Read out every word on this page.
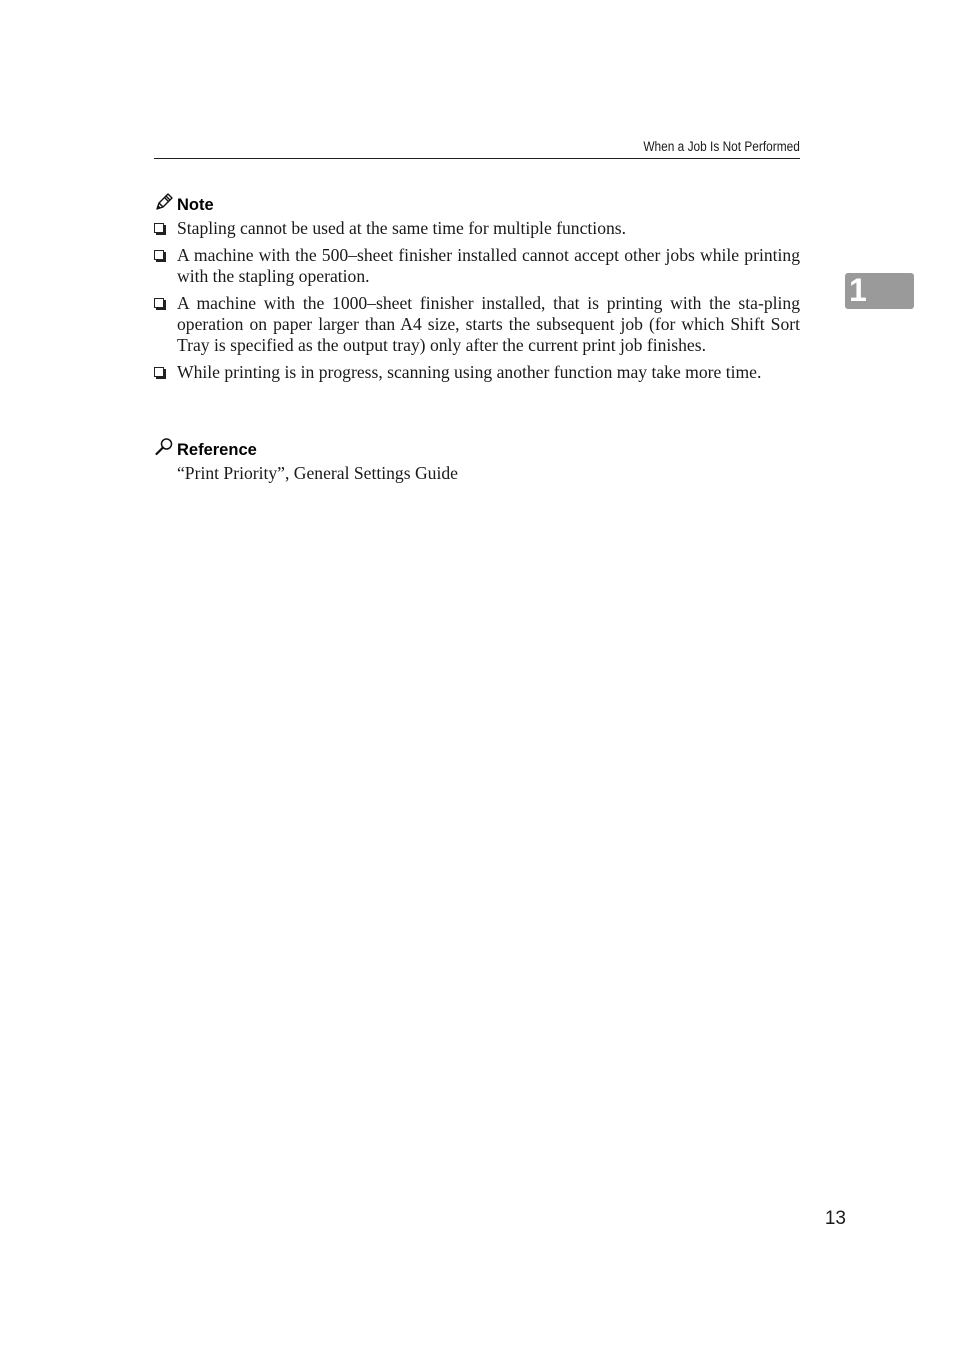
When a Job Is Not Performed
1
Note
Stapling cannot be used at the same time for multiple functions.
A machine with the 500–sheet finisher installed cannot accept other jobs while printing with the stapling operation.
A machine with the 1000–sheet finisher installed, that is printing with the sta-pling operation on paper larger than A4 size, starts the subsequent job (for which Shift Sort Tray is specified as the output tray) only after the current print job finishes.
While printing is in progress, scanning using another function may take more time.
Reference
“Print Priority”, General Settings Guide
13
